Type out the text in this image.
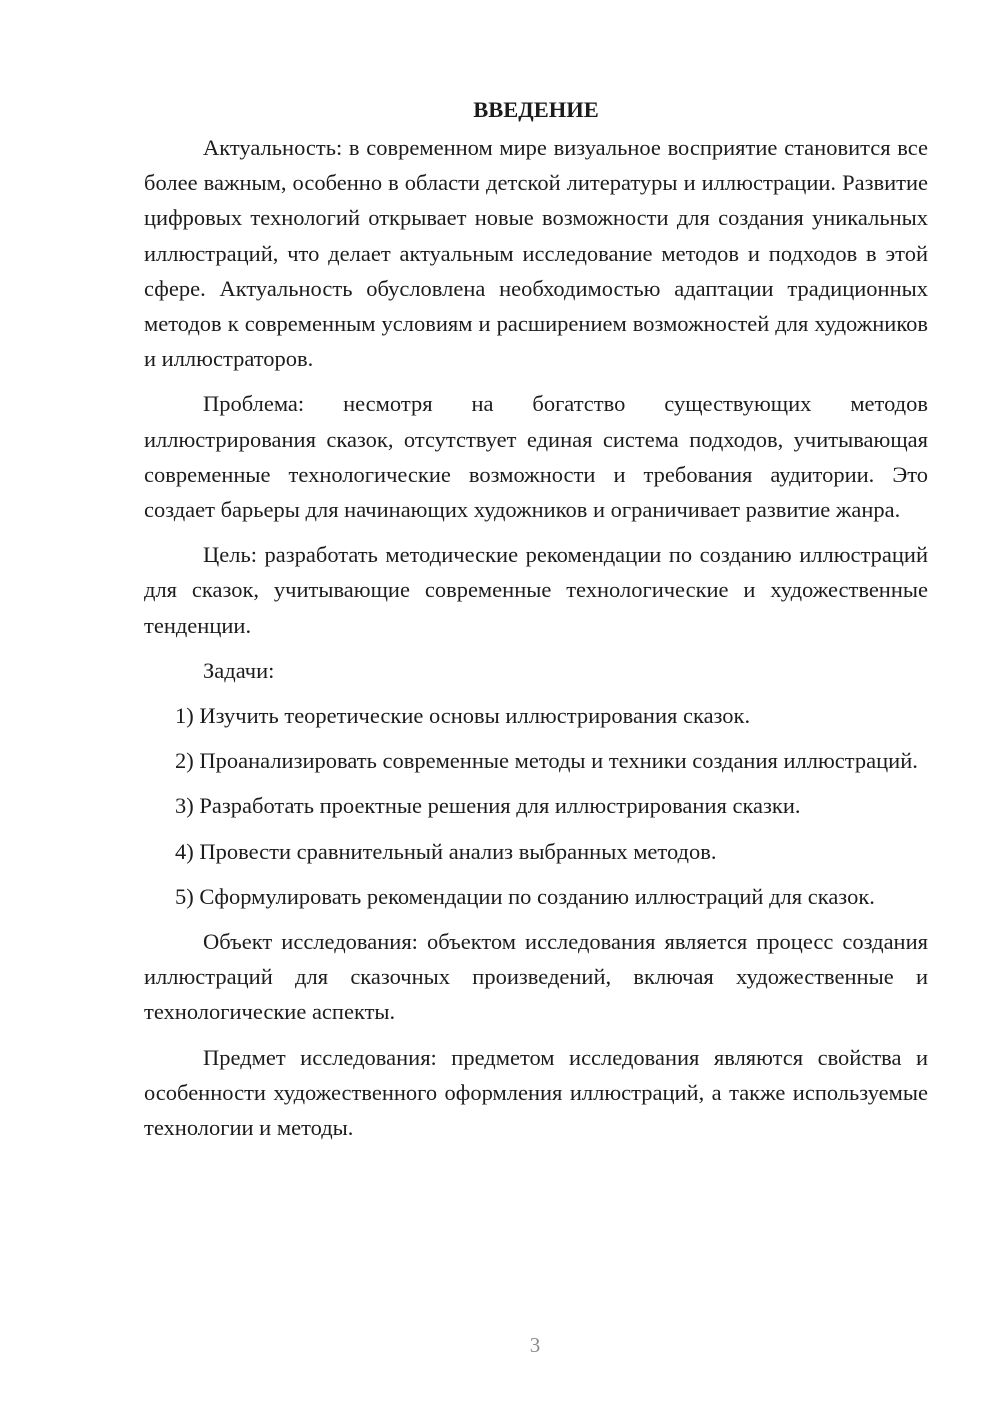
ВВЕДЕНИЕ

Актуальность: в современном мире визуальное восприятие становится все более важным, особенно в области детской литературы и иллюстрации. Развитие цифровых технологий открывает новые возможности для создания уникальных иллюстраций, что делает актуальным исследование методов и подходов в этой сфере. Актуальность обусловлена необходимостью адаптации традиционных методов к современным условиям и расширением возможностей для художников и иллюстраторов.

Проблема: несмотря на богатство существующих методов иллюстрирования сказок, отсутствует единая система подходов, учитывающая современные технологические возможности и требования аудитории. Это создает барьеры для начинающих художников и ограничивает развитие жанра.

Цель: разработать методические рекомендации по созданию иллюстраций для сказок, учитывающие современные технологические и художественные тенденции.

Задачи:

1) Изучить теоретические основы иллюстрирования сказок.

2) Проанализировать современные методы и техники создания иллюстраций.

3) Разработать проектные решения для иллюстрирования сказки.

4) Провести сравнительный анализ выбранных методов.

5) Сформулировать рекомендации по созданию иллюстраций для сказок.

Объект исследования: объектом исследования является процесс создания иллюстраций для сказочных произведений, включая художественные и технологические аспекты.

Предмет исследования: предметом исследования являются свойства и особенности художественного оформления иллюстраций, а также используемые технологии и методы.

3
